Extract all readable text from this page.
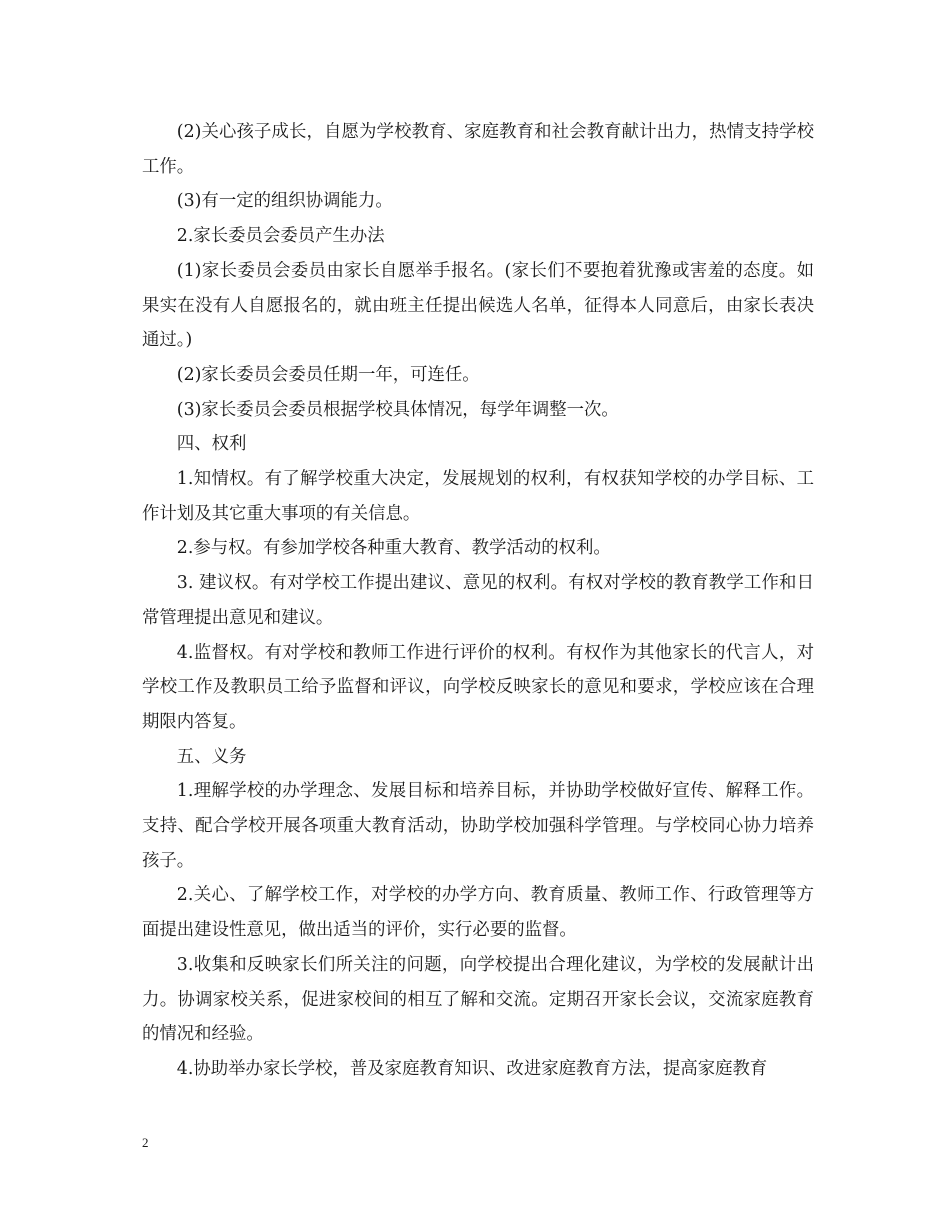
(2)关心孩子成长，自愿为学校教育、家庭教育和社会教育献计出力，热情支持学校工作。

(3)有一定的组织协调能力。

2.家长委员会委员产生办法

(1)家长委员会委员由家长自愿举手报名。(家长们不要抱着犹豫或害羞的态度。如果实在没有人自愿报名的，就由班主任提出候选人名单，征得本人同意后，由家长表决通过。)

(2)家长委员会委员任期一年，可连任。

(3)家长委员会委员根据学校具体情况，每学年调整一次。

四、权利

1.知情权。有了解学校重大决定，发展规划的权利，有权获知学校的办学目标、工作计划及其它重大事项的有关信息。

2.参与权。有参加学校各种重大教育、教学活动的权利。

3. 建议权。有对学校工作提出建议、意见的权利。有权对学校的教育教学工作和日常管理提出意见和建议。

4.监督权。有对学校和教师工作进行评价的权利。有权作为其他家长的代言人，对学校工作及教职员工给予监督和评议，向学校反映家长的意见和要求，学校应该在合理期限内答复。

五、义务

1.理解学校的办学理念、发展目标和培养目标，并协助学校做好宣传、解释工作。支持、配合学校开展各项重大教育活动，协助学校加强科学管理。与学校同心协力培养孩子。

2.关心、了解学校工作，对学校的办学方向、教育质量、教师工作、行政管理等方面提出建设性意见，做出适当的评价，实行必要的监督。

3.收集和反映家长们所关注的问题，向学校提出合理化建议，为学校的发展献计出力。协调家校关系，促进家校间的相互了解和交流。定期召开家长会议，交流家庭教育的情况和经验。

4.协助举办家长学校，普及家庭教育知识、改进家庭教育方法，提高家庭教育

2
